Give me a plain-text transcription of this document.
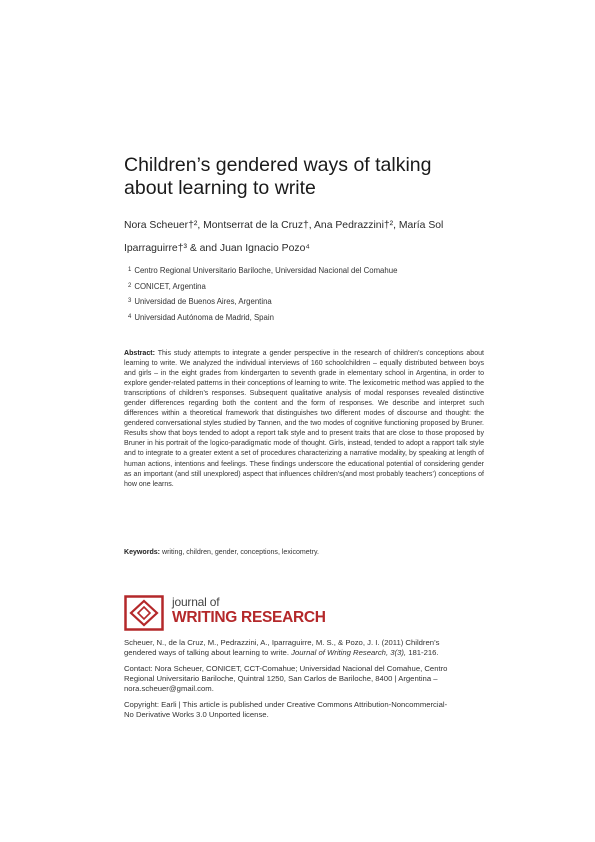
Children’s gendered ways of talking
about learning to write
Nora Scheuer†², Montserrat de la Cruz†, Ana Pedrazzini†², María Sol
Iparraguirre†³ & and Juan Ignacio Pozo⁴
$^1$ Centro Regional Universitario Bariloche, Universidad Nacional del Comahue
$^2$ CONICET, Argentina
$^3$ Universidad de Buenos Aires, Argentina
$^4$ Universidad Autónoma de Madrid, Spain
Abstract: This study attempts to integrate a gender perspective in the research of children’s conceptions about learning to write. We analyzed the individual interviews of 160 schoolchildren – equally distributed between boys and girls – in the eight grades from kindergarten to seventh grade in elementary school in Argentina, in order to explore gender-related patterns in their conceptions of learning to write. The lexicometric method was applied to the transcriptions of children’s responses. Subsequent qualitative analysis of modal responses revealed distinctive gender differences regarding both the content and the form of responses. We describe and interpret such differences within a theoretical framework that distinguishes two different modes of discourse and thought: the gendered conversational styles studied by Tannen, and the two modes of cognitive functioning proposed by Bruner. Results show that boys tended to adopt a report talk style and to present traits that are close to those proposed by Bruner in his portrait of the logico-paradigmatic mode of thought. Girls, instead, tended to adopt a rapport talk style and to integrate to a greater extent a set of procedures characterizing a narrative modality, by speaking at length of human actions, intentions and feelings. These findings underscore the educational potential of considering gender as an important (and still unexplored) aspect that influences children’s(and most probably teachers’) conceptions of how one learns.
Keywords: writing, children, gender, conceptions, lexicometry.
journal of
WRITING RESEARCH

Scheuer, N., de la Cruz, M., Pedrazzini, A., Iparraguirre, M. S., & Pozo, J. I. (2011) Children’s
gendered ways of talking about learning to write. Journal of Writing Research, 3(3), 181-216.

Contact: Nora Scheuer, CONICET, CCT-Comahue; Universidad Nacional del Comahue, Centro
Regional Universitario Bariloche, Quintral 1250, San Carlos de Bariloche, 8400 | Argentina –
nora.scheuer@gmail.com.

Copyright: Earli | This article is published under Creative Commons Attribution-Noncommercial-
No Derivative Works 3.0 Unported license.
